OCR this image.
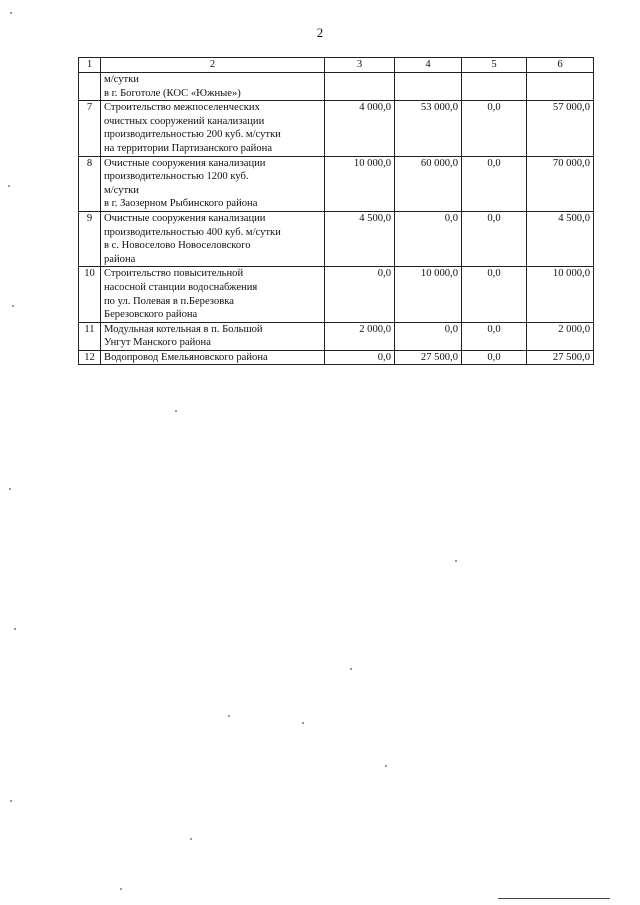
2
1	2	3	4	5	6

	м/сутки
в г. Боготоле (КОС «Южные»)				

7	Строительство межпоселенческих
очистных сооружений канализации
производительностью 200 куб. м/сутки
на территории Партизанского района	4 000,0	53 000,0	0,0	57 000,0
8	Очистные сооружения канализации
производительностью 1200 куб.
м/сутки
в г. Заозерном Рыбинского района	10 000,0	60 000,0	0,0	70 000,0
9	Очистные сооружения канализации
производительностью 400 куб. м/сутки
в с. Новоселово Новоселовского
района	4 500,0	0,0	0,0	4 500,0
10	Строительство повысительной
насосной станции водоснабжения
по ул. Полевая в п.Березовка
Березовского района	0,0	10 000,0	0,0	10 000,0
11	Модульная котельная в п. Большой
Унгут Манского района	2 000,0	0,0	0,0	2 000,0
12	Водопровод Емельяновского района	0,0	27 500,0	0,0	27 500,0
